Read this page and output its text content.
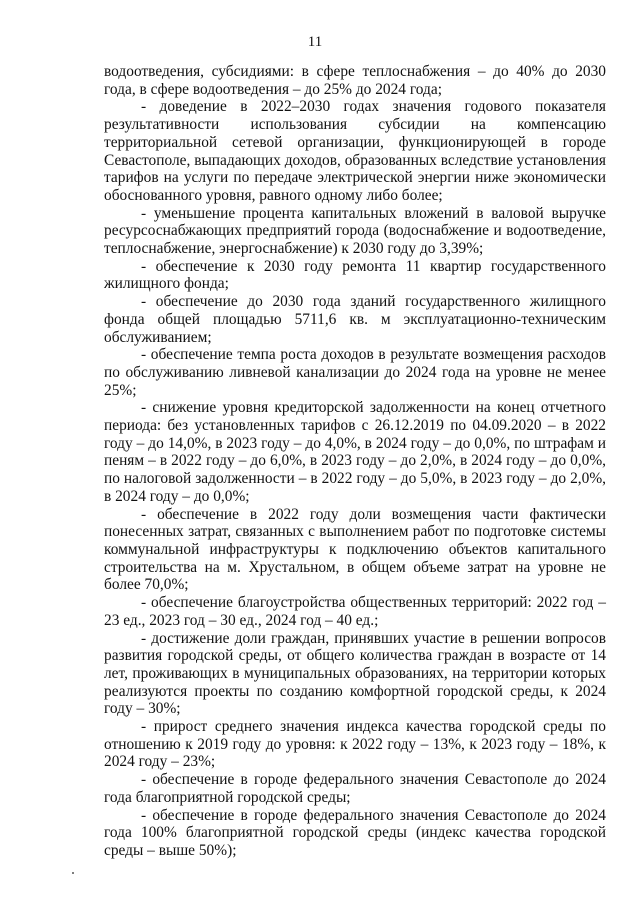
11

водоотведения, субсидиями: в сфере теплоснабжения – до 40% до 2030 года, в сфере водоотведения – до 25% до 2024 года;

- доведение в 2022–2030 годах значения годового показателя результативности использования субсидии на компенсацию территориальной сетевой организации, функционирующей в городе Севастополе, выпадающих доходов, образованных вследствие установления тарифов на услуги по передаче электрической энергии ниже экономически обоснованного уровня, равного одному либо более;

- уменьшение процента капитальных вложений в валовой выручке ресурсоснабжающих предприятий города (водоснабжение и водоотведение, теплоснабжение, энергоснабжение) к 2030 году до 3,39%;

- обеспечение к 2030 году ремонта 11 квартир государственного жилищного фонда;

- обеспечение до 2030 года зданий государственного жилищного фонда общей площадью 5711,6 кв. м эксплуатационно-техническим обслуживанием;

- обеспечение темпа роста доходов в результате возмещения расходов по обслуживанию ливневой канализации до 2024 года на уровне не менее 25%;

- снижение уровня кредиторской задолженности на конец отчетного периода: без установленных тарифов с 26.12.2019 по 04.09.2020 – в 2022 году – до 14,0%, в 2023 году – до 4,0%, в 2024 году – до 0,0%, по штрафам и пеням – в 2022 году – до 6,0%, в 2023 году – до 2,0%, в 2024 году – до 0,0%, по налоговой задолженности – в 2022 году – до 5,0%, в 2023 году – до 2,0%, в 2024 году – до 0,0%;

- обеспечение в 2022 году доли возмещения части фактически понесенных затрат, связанных с выполнением работ по подготовке системы коммунальной инфраструктуры к подключению объектов капитального строительства на м. Хрустальном, в общем объеме затрат на уровне не более 70,0%;

- обеспечение благоустройства общественных территорий: 2022 год – 23 ед., 2023 год – 30 ед., 2024 год – 40 ед.;

- достижение доли граждан, принявших участие в решении вопросов развития городской среды, от общего количества граждан в возрасте от 14 лет, проживающих в муниципальных образованиях, на территории которых реализуются проекты по созданию комфортной городской среды, к 2024 году – 30%;

- прирост среднего значения индекса качества городской среды по отношению к 2019 году до уровня: к 2022 году – 13%, к 2023 году – 18%, к 2024 году – 23%;

- обеспечение в городе федерального значения Севастополе до 2024 года благоприятной городской среды;

- обеспечение в городе федерального значения Севастополе до 2024 года 100% благоприятной городской среды (индекс качества городской среды – выше 50%);
